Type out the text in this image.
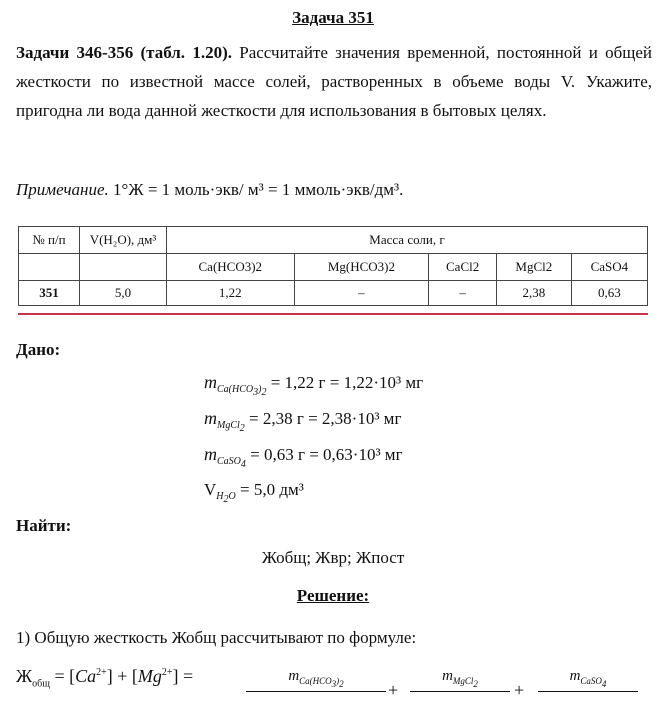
Задача 351
Задачи 346-356 (табл. 1.20). Рассчитайте значения временной, постоянной и общей жесткости по известной массе солей, растворенных в объеме воды V. Укажите, пригодна ли вода данной жесткости для использования в бытовых целях.
Примечание. 1°Ж = 1 моль·экв/ м³ = 1 ммоль·экв/дм³.
№ п/п	V(H₂O), дм³	Масса соли, г				
		Ca(HCO3)2	Mg(HCO3)2	CaCl2	MgCl2	CaSO4
351	5,0	1,22	–	–	2,38	0,63
Дано:
$m_{Ca(HCO_3)_2} = 1,22$ г = 1,22·10³ мг
$m_{MgCl_2} = 2,38$ г = 2,38·10³ мг
$m_{CaSO_4} = 0,63$ г = 0,63·10³ мг
$V_{H_2O} = 5,0$ дм³
Найти:
Жобщ; Жвр; Жпост
Решение:
1) Общую жесткость Жобщ рассчитывают по формуле:
$Ж_{общ} = [Ca^{2+}] + [Mg^{2+}]$ =	$m_{Ca(HCO_3)_2}$	+
$m_{MgCl_2}$	+
$m_{CaSO_4}$
